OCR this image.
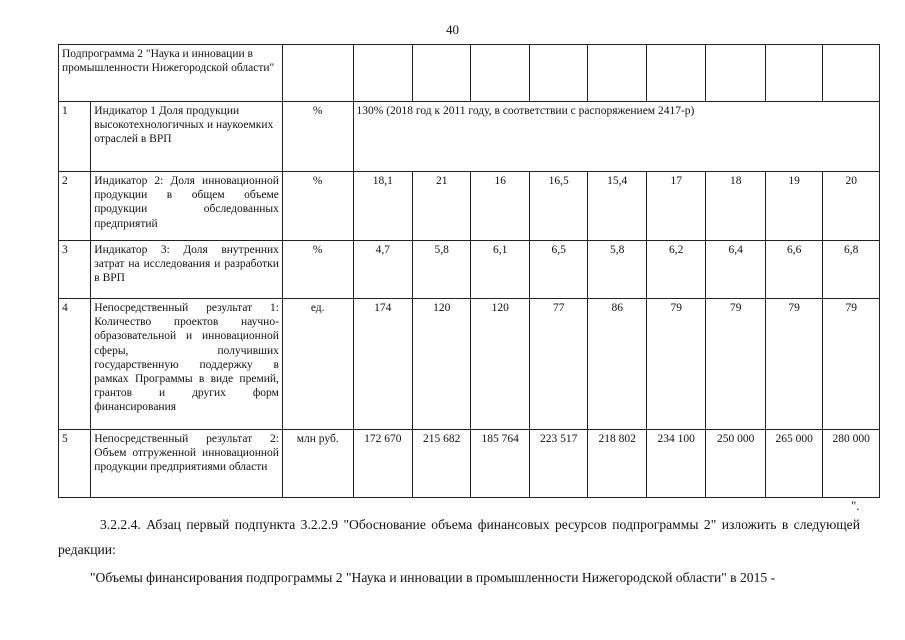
40
Подпрограмма 2 "Наука и инновации в промышленности Нижегородской области"											
1	Индикатор 1 Доля продукции высокотехнологичных и наукоемких отраслей в ВРП	%	130% (2018 год к 2011 году, в соответствии с распоряжением 2417-р)								
2	Индикатор 2: Доля инновационной продукции в общем объеме продукции обследованных предприятий	%	18,1	21	16	16,5	15,4	17	18	19	20
3	Индикатор 3: Доля внутренних затрат на исследования и разработки в ВРП	%	4,7	5,8	6,1	6,5	5,8	6,2	6,4	6,6	6,8
4	Непосредственный результат 1: Количество проектов научно-образовательной и инновационной сферы, получивших государственную поддержку в рамках Программы в виде премий, грантов и других форм финансирования	ед.	174	120	120	77	86	79	79	79	79
5	Непосредственный результат 2: Объем отгруженной инновационной продукции предприятиями области	млн руб.	172 670	215 682	185 764	223 517	218 802	234 100	250 000	265 000	280 000
".
3.2.2.4. Абзац первый подпункта 3.2.2.9 "Обоснование объема финансовых ресурсов подпрограммы 2" изложить в следующей редакции:
"Объемы финансирования подпрограммы 2 "Наука и инновации в промышленности Нижегородской области" в 2015 -
